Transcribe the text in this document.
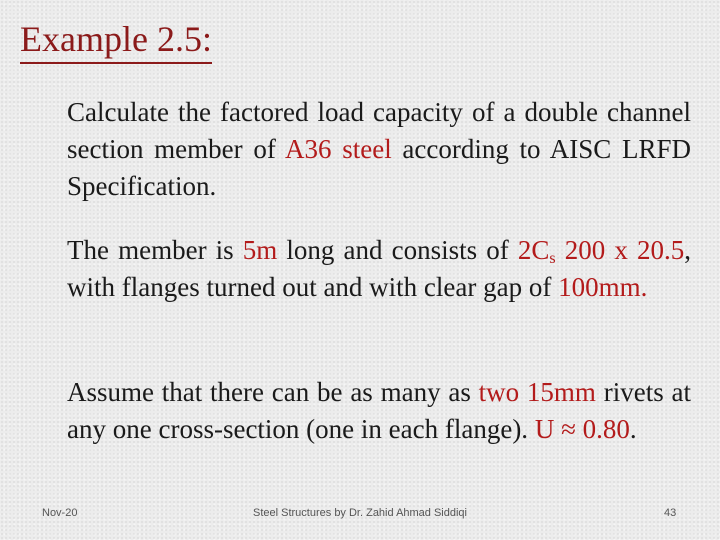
Example 2.5:

Calculate the factored load capacity of a double channel section member of A36 steel according to AISC LRFD Specification.

The member is 5m long and consists of $2C_s$ 200 x 20.5, with flanges turned out and with clear gap of 100mm.

Assume that there can be as many as two 15mm rivets at any one cross-section (one in each flange). U ≈ 0.80.

Nov-20	Steel Structures by Dr. Zahid Ahmad Siddiqi	43
